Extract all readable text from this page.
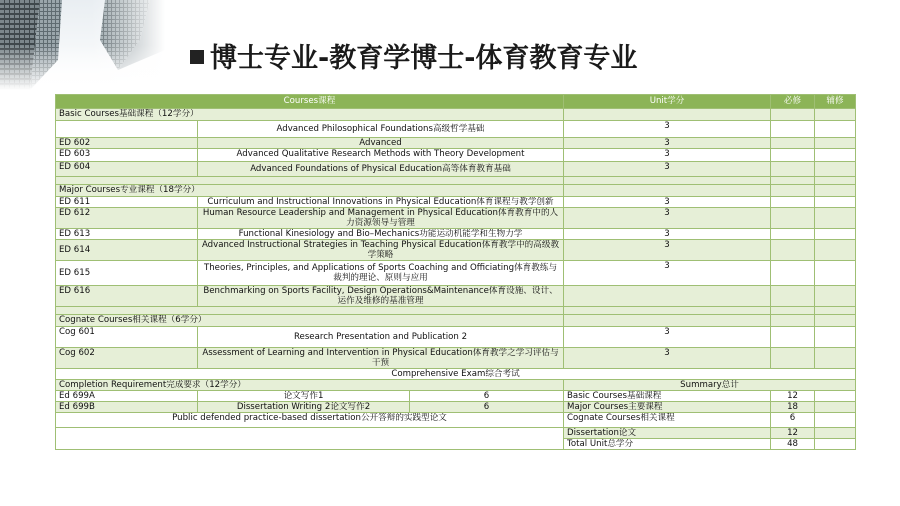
博士专业-教育学博士-体育教育专业
Courses课程			Unit学分	必修	辅修
Basic Courses基础课程（12学分）					
	Advanced Philosophical Foundations高级哲学基础		3		
ED 602	Advanced		3		
ED 603	Advanced Qualitative Research Methods with Theory Development		3		
ED 604	Advanced Foundations of Physical Education高等体育教育基础		3		

Major Courses专业课程（18学分）					
ED 611	Curriculum and Instructional Innovations in Physical Education体育课程与教学创新		3		
ED 612	Human Resource Leadership and Management in Physical Education体育教育中的人力资源领导与管理		3		
ED 613	Functional Kinesiology and Bio–Mechanics功能运动机能学和生物力学		3		
ED 614	Advanced Instructional Strategies in Teaching Physical Education体育教学中的高级教学策略		3		
ED 615	Theories, Principles, and Applications of Sports Coaching and Officiating体育教练与裁判的理论、原则与应用		3		
ED 616	Benchmarking on Sports Facility, Design Operations&Maintenance体育设施、设计、运作及维修的基准管理				

Cognate Courses相关课程（6学分）					
Cog 601	Research Presentation and Publication 2		3		
Cog 602	Assessment of Learning and Intervention in Physical Education体育教学之学习评估与干预		3		
Comprehensive Exam综合考试					
Completion Requirement完成要求（12学分）			Summary总计		
Ed 699A	论文写作1	6	Basic Courses基础课程	12	
Ed 699B	Dissertation Writing 2论文写作2	6	Major Courses主要课程	18	
Public defended practice-based dissertation公开答辩的实践型论文			Cognate Courses相关课程	6	
			Dissertation论文	12	
			Total Unit总学分	48	
